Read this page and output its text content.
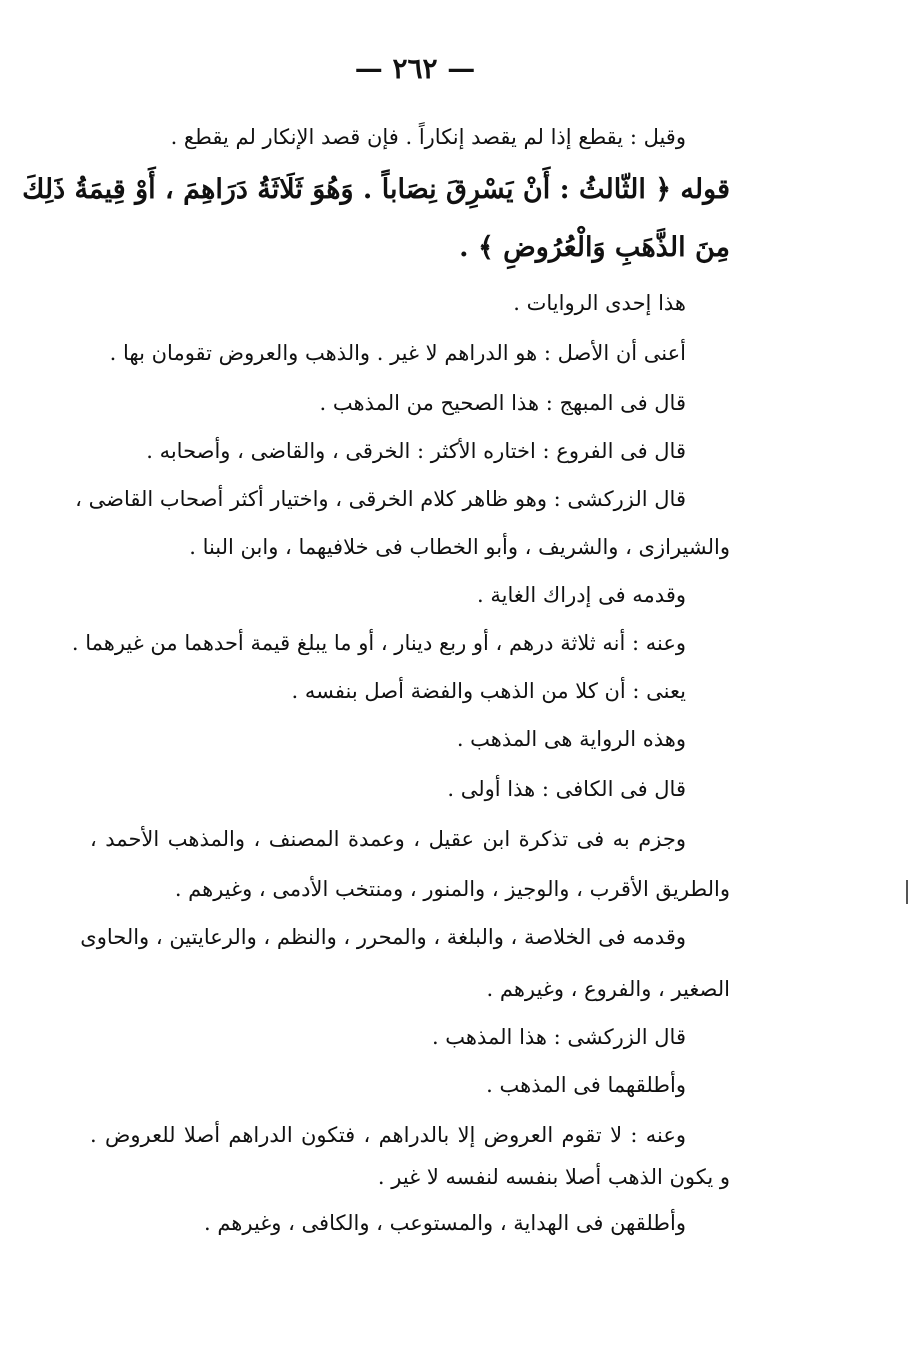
— ٢٦٢ —
وقيل : يقطع إذا لم يقصد إنكاراً . فإن قصد الإنكار لم يقطع .
قوله ﴿ الثّالثُ : أَنْ يَسْرِقَ نِصَاباً . وَهُوَ ثَلَاثَةُ دَرَاهِمَ ، أَوْ قِيمَةُ ذَلِكَ
مِنَ الذَّهَبِ وَالْعُرُوضِ ﴾ .
هذا إحدى الروايات .
أعنى أن الأصل : هو الدراهم لا غير . والذهب والعروض تقومان بها .
قال فى المبهج : هذا الصحيح من المذهب .
قال فى الفروع : اختاره الأكثر : الخرقى ، والقاضى ، وأصحابه .
قال الزركشى : وهو ظاهر كلام الخرقى ، واختيار أكثر أصحاب القاضى ،
والشيرازى ، والشريف ، وأبو الخطاب فى خلافيهما ، وابن البنا .
وقدمه فى إدراك الغاية .
وعنه : أنه ثلاثة درهم ، أو ربع دينار ، أو ما يبلغ قيمة أحدهما من غيرهما .
يعنى : أن كلا من الذهب والفضة أصل بنفسه .
وهذه الرواية هى المذهب .
قال فى الكافى : هذا أولى .
وجزم به فى تذكرة ابن عقيل ، وعمدة المصنف ، والمذهب الأحمد ،
والطريق الأقرب ، والوجيز ، والمنور ، ومنتخب الأدمى ، وغيرهم .
وقدمه فى الخلاصة ، والبلغة ، والمحرر ، والنظم ، والرعايتين ، والحاوى
الصغير ، والفروع ، وغيرهم .
قال الزركشى : هذا المذهب .
وأطلقهما فى المذهب .
وعنه : لا تقوم العروض إلا بالدراهم ، فتكون الدراهم أصلا للعروض .
و يكون الذهب أصلا بنفسه لنفسه لا غير .
وأطلقهن فى الهداية ، والمستوعب ، والكافى ، وغيرهم .
